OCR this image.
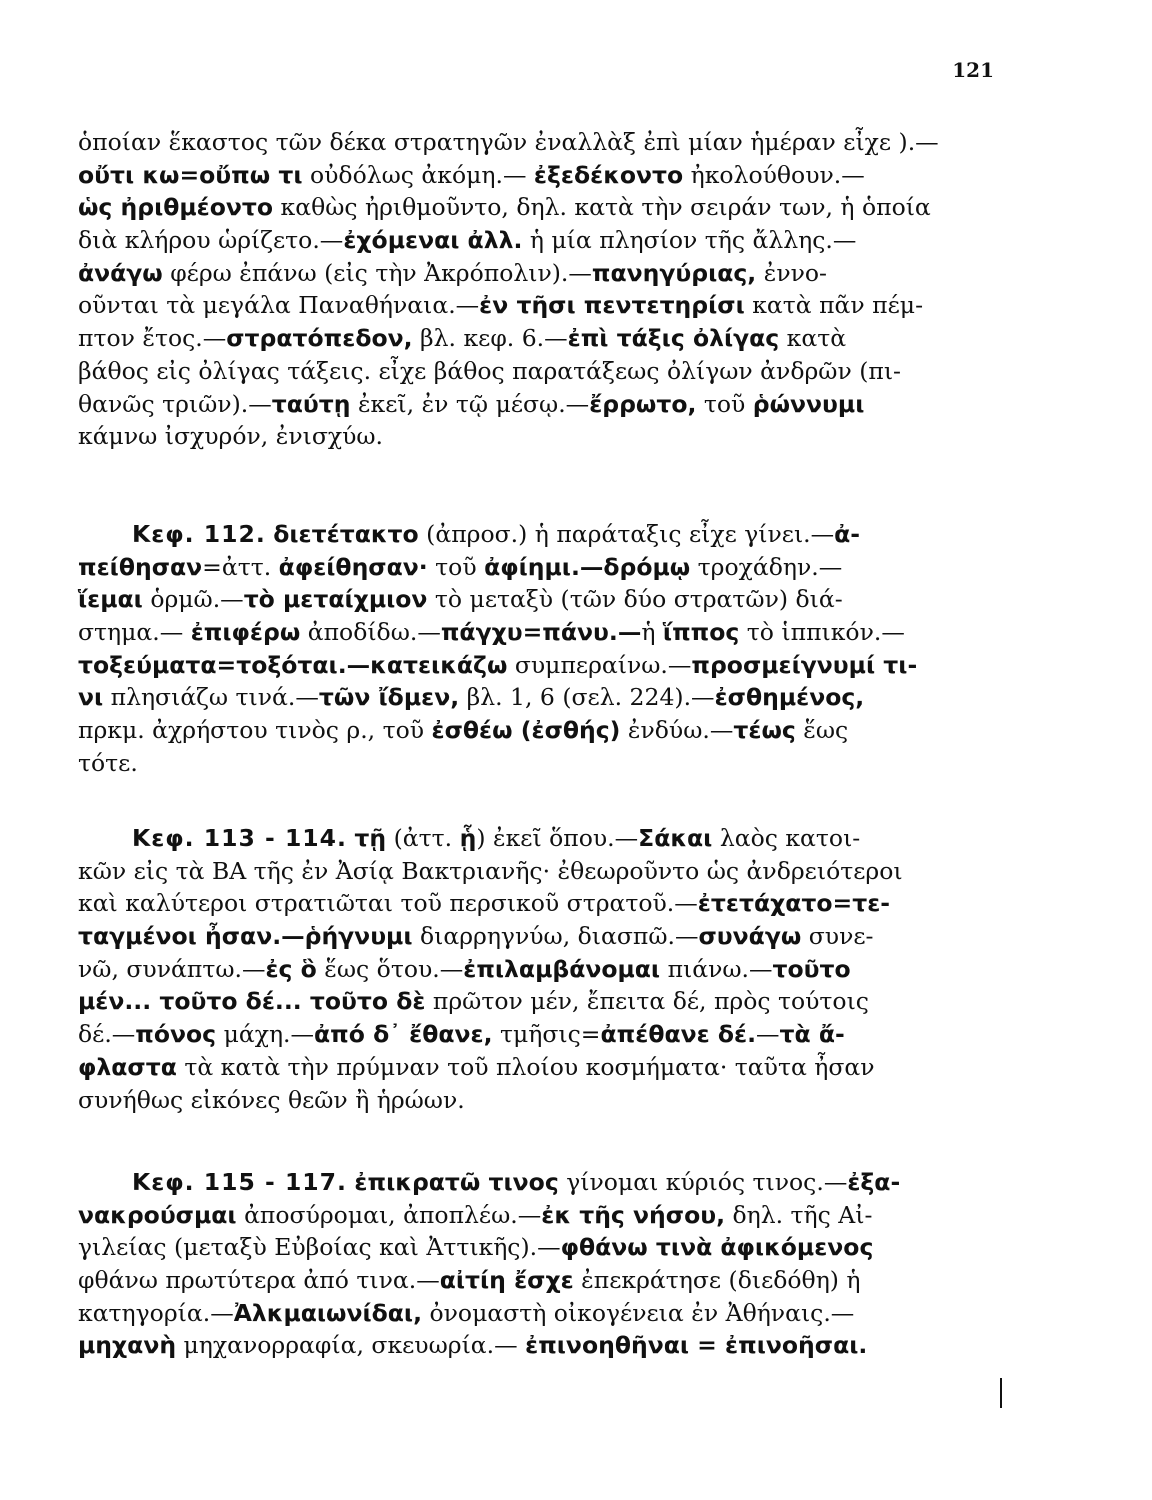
121
ὁποίαν ἕκαστος τῶν δέκα στρατηγῶν ἐναλλὰξ ἐπὶ μίαν ἡμέραν εἶχε ).—
οὔτι κω=οὔπω τι οὐδόλως ἀκόμη.— ἐξεδέκοντο ἠκολούθουν.—
ὡς ἠριθμέοντο καθὼς ἠριθμοῦντο, δηλ. κατὰ τὴν σειράν των, ἡ ὁποία
διὰ κλήρου ὡρίζετο.—ἐχόμεναι ἀλλ. ἡ μία πλησίον τῆς ἄλλης.—
ἀνάγω φέρω ἐπάνω (εἰς τὴν Ἀκρόπολιν).—πανηγύριας, ἐννο-
οῦνται τὰ μεγάλα Παναθήναια.—ἐν τῆσι πεντετηρίσι κατὰ πᾶν πέμ-
πτον ἔτος.—στρατόπεδον, βλ. κεφ. 6.—ἐπὶ τάξις ὀλίγας κατὰ
βάθος εἰς ὀλίγας τάξεις. εἶχε βάθος παρατάξεως ὀλίγων ἀνδρῶν (πι-
θανῶς τριῶν).—ταύτῃ ἐκεῖ, ἐν τῷ μέσῳ.—ἔρρωτο, τοῦ ῥώννυμι
κάμνω ἰσχυρόν, ἐνισχύω.
Κεφ. 112. διετέτακτο (ἀπροσ.) ἡ παράταξις εἶχε γίνει.—ἀ-
πείθησαν=ἀττ. ἀφείθησαν· τοῦ ἀφίημι.—δρόμῳ τροχάδην.—
ἵεμαι ὁρμῶ.—τὸ μεταίχμιον τὸ μεταξὺ (τῶν δύο στρατῶν) διά-
στημα.— ἐπιφέρω ἀποδίδω.—πάγχυ=πάνυ.—ἡ ἵππος τὸ ἱππικόν.—
τοξεύματα=τοξόται.—κατεικάζω συμπεραίνω.—προσμείγνυμί τι-
νι πλησιάζω τινά.—τῶν ἴδμεν, βλ. 1, 6 (σελ. 224).—ἐσθημένος,
πρκμ. ἀχρήστου τινὸς ρ., τοῦ ἐσθέω (ἐσθής) ἐνδύω.—τέως ἕως
τότε.
Κεφ. 113 - 114. τῇ (ἀττ. ᾗ) ἐκεῖ ὅπου.—Σάκαι λαὸς κατοι-
κῶν εἰς τὰ ΒΑ τῆς ἐν Ἀσίᾳ Βακτριανῆς· ἐθεωροῦντο ὡς ἀνδρειότεροι
καὶ καλύτεροι στρατιῶται τοῦ περσικοῦ στρατοῦ.—ἐτετάχατο=τε-
ταγμένοι ἦσαν.—ῥήγνυμι διαρρηγνύω, διασπῶ.—συνάγω συνε-
νῶ, συνάπτω.—ἐς ὃ ἕως ὅτου.—ἐπιλαμβάνομαι πιάνω.—τοῦτο
μέν... τοῦτο δέ... τοῦτο δὲ πρῶτον μέν, ἔπειτα δέ, πρὸς τούτοις
δέ.—πόνος μάχη.—ἀπό δ᾽ ἔθανε, τμῆσις=ἀπέθανε δέ.—τὰ ἄ-
φλαστα τὰ κατὰ τὴν πρύμναν τοῦ πλοίου κοσμήματα· ταῦτα ἦσαν
συνήθως εἰκόνες θεῶν ἢ ἡρώων.
Κεφ. 115 - 117. ἐπικρατῶ τινος γίνομαι κύριός τινος.—ἐξα-
νακρούσμαι ἀποσύρομαι, ἀποπλέω.—ἐκ τῆς νήσου, δηλ. τῆς Αἰ-
γιλείας (μεταξὺ Εὐβοίας καὶ Ἀττικῆς).—φθάνω τινὰ ἀφικόμενος
φθάνω πρωτύτερα ἀπό τινα.—αἰτίη ἔσχε ἐπεκράτησε (διεδόθη) ἡ
κατηγορία.—Ἀλκμαιωνίδαι, ὀνομαστὴ οἰκογένεια ἐν Ἀθήναις.—
μηχανὴ μηχανορραφία, σκευωρία.— ἐπινοηθῆναι = ἐπινοῆσαι.
